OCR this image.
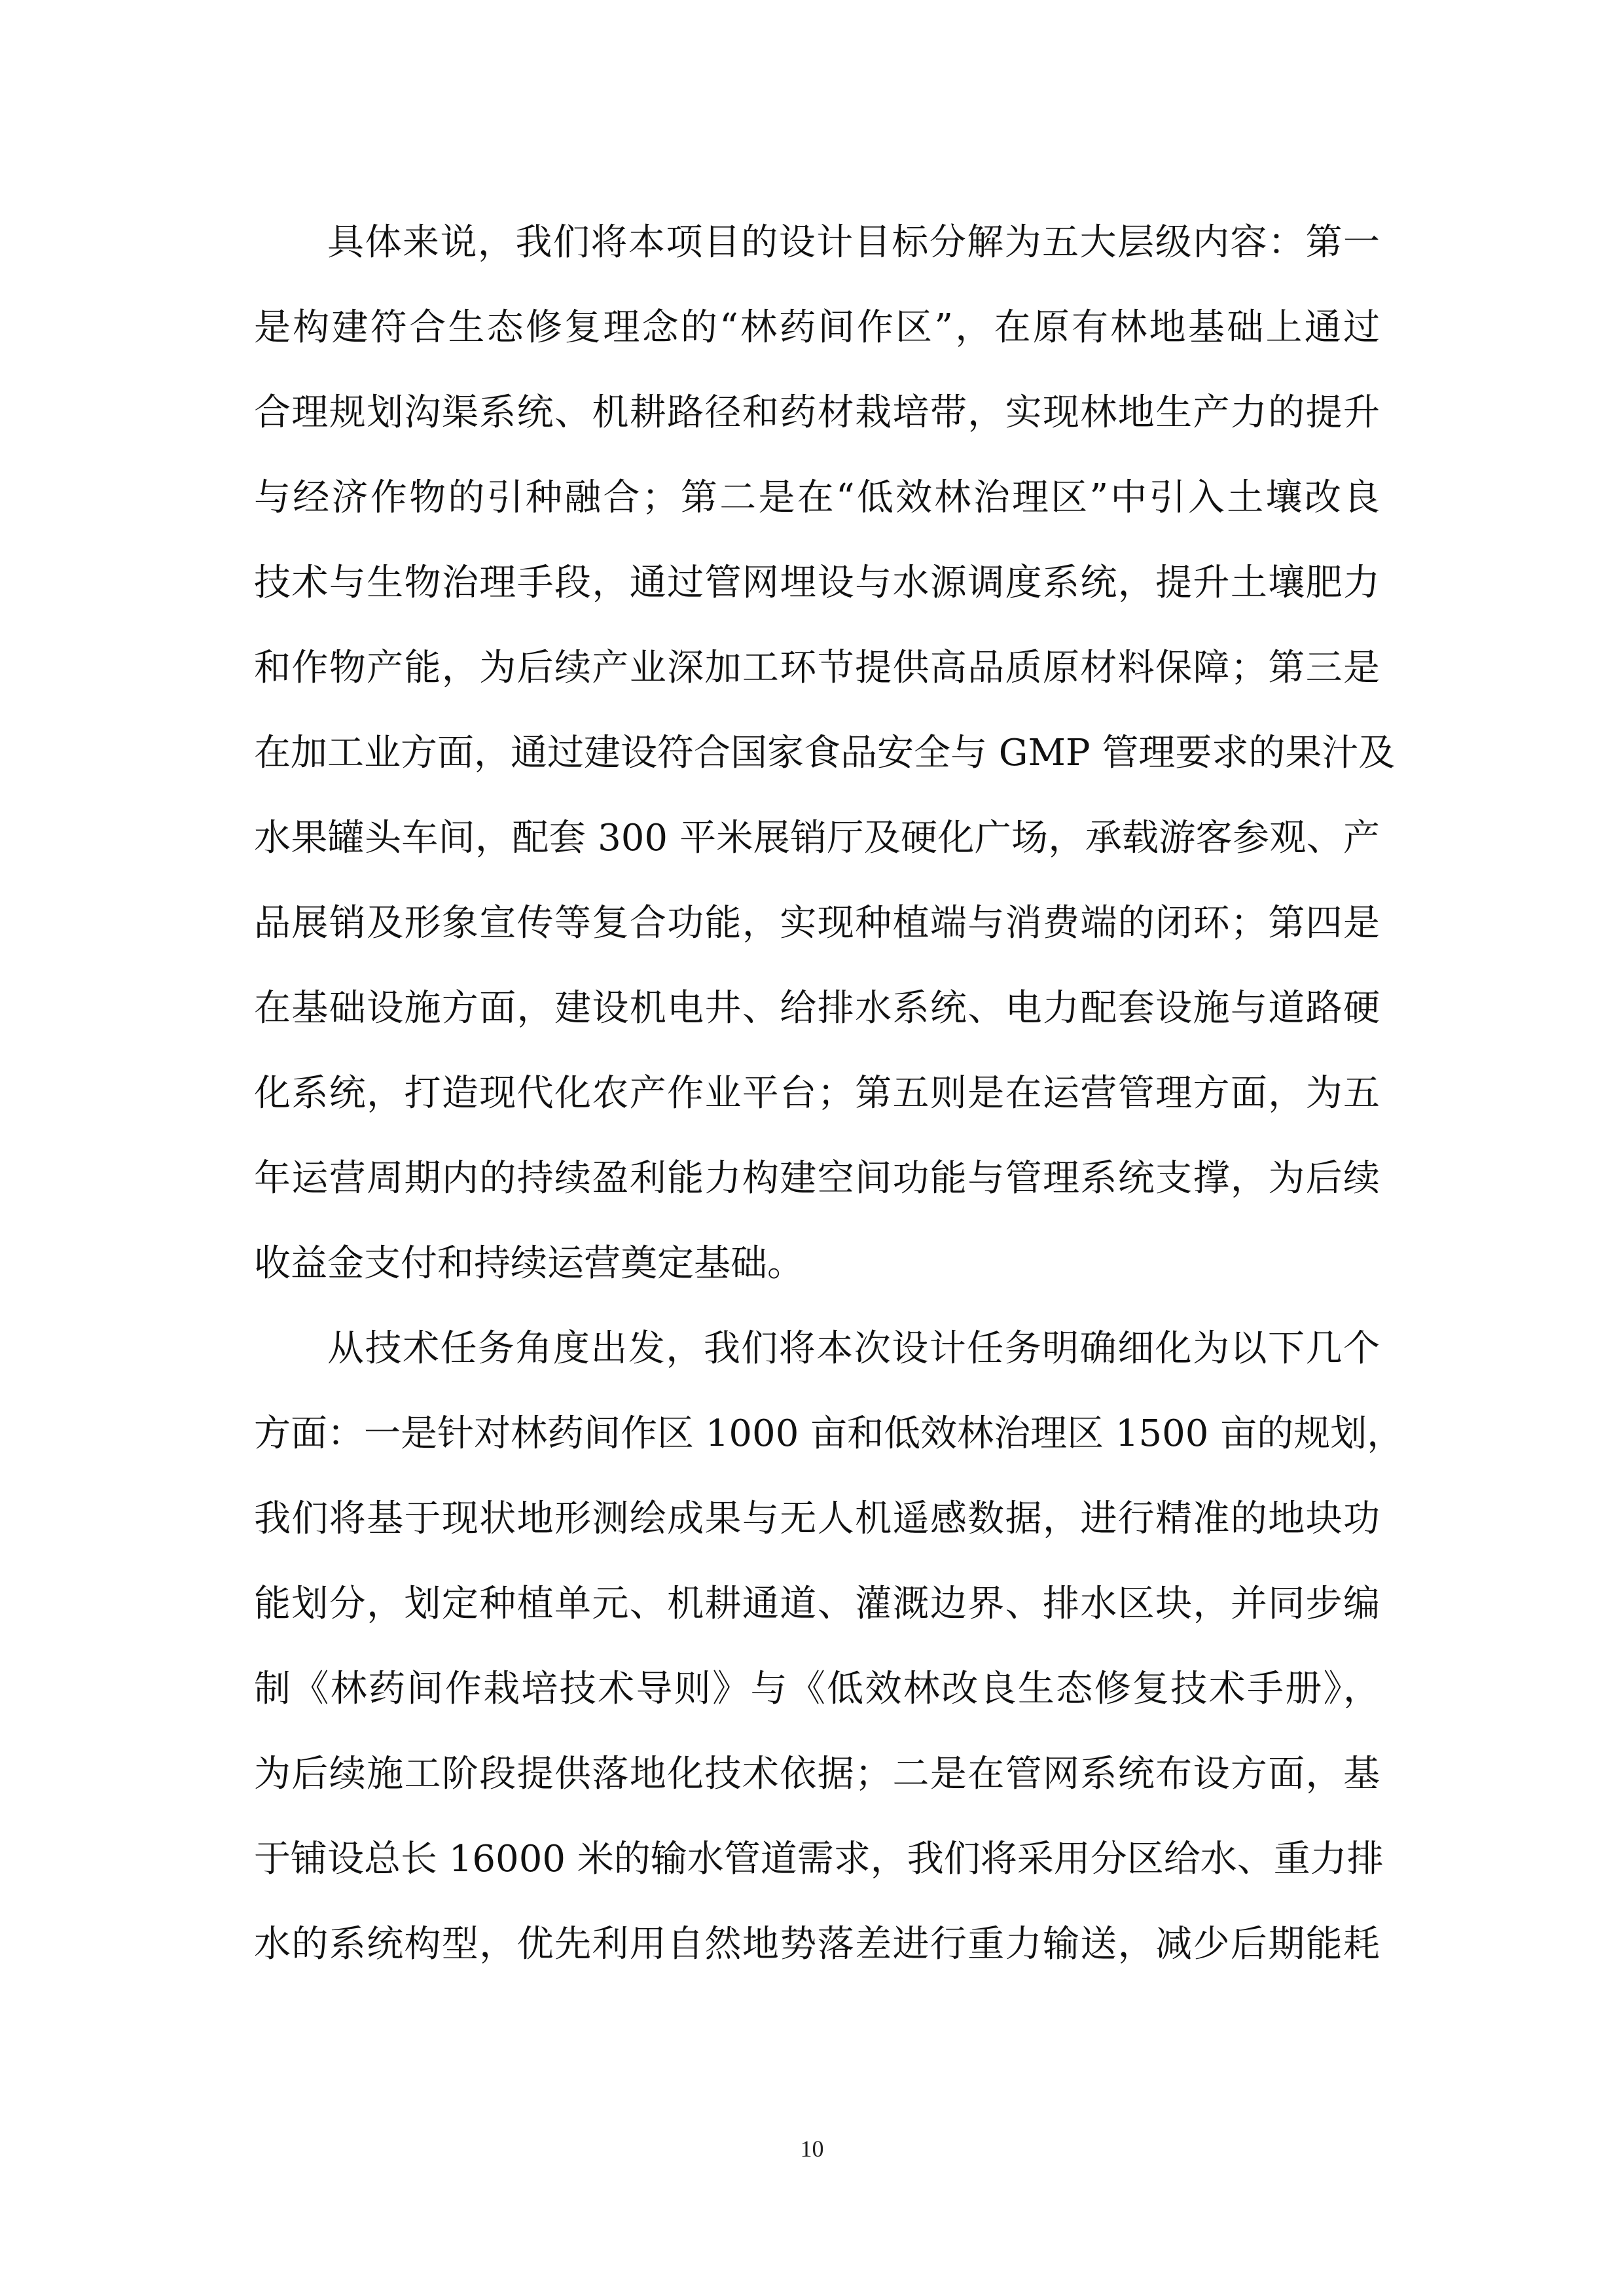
具体来说，我们将本项目的设计目标分解为五大层级内容：第一
是构建符合生态修复理念的“林药间作区”，在原有林地基础上通过
合理规划沟渠系统、机耕路径和药材栽培带，实现林地生产力的提升
与经济作物的引种融合；第二是在“低效林治理区”中引入土壤改良
技术与生物治理手段，通过管网埋设与水源调度系统，提升土壤肥力
和作物产能，为后续产业深加工环节提供高品质原材料保障；第三是
在加工业方面，通过建设符合国家食品安全与 GMP 管理要求的果汁及
水果罐头车间，配套 300 平米展销厅及硬化广场，承载游客参观、产
品展销及形象宣传等复合功能，实现种植端与消费端的闭环；第四是
在基础设施方面，建设机电井、给排水系统、电力配套设施与道路硬
化系统，打造现代化农产作业平台；第五则是在运营管理方面，为五
年运营周期内的持续盈利能力构建空间功能与管理系统支撑，为后续
收益金支付和持续运营奠定基础。
从技术任务角度出发，我们将本次设计任务明确细化为以下几个
方面：一是针对林药间作区 1000 亩和低效林治理区 1500 亩的规划，
我们将基于现状地形测绘成果与无人机遥感数据，进行精准的地块功
能划分，划定种植单元、机耕通道、灌溉边界、排水区块，并同步编
制《林药间作栽培技术导则》与《低效林改良生态修复技术手册》，
为后续施工阶段提供落地化技术依据；二是在管网系统布设方面，基
于铺设总长 16000 米的输水管道需求，我们将采用分区给水、重力排
水的系统构型，优先利用自然地势落差进行重力输送，减少后期能耗
10
